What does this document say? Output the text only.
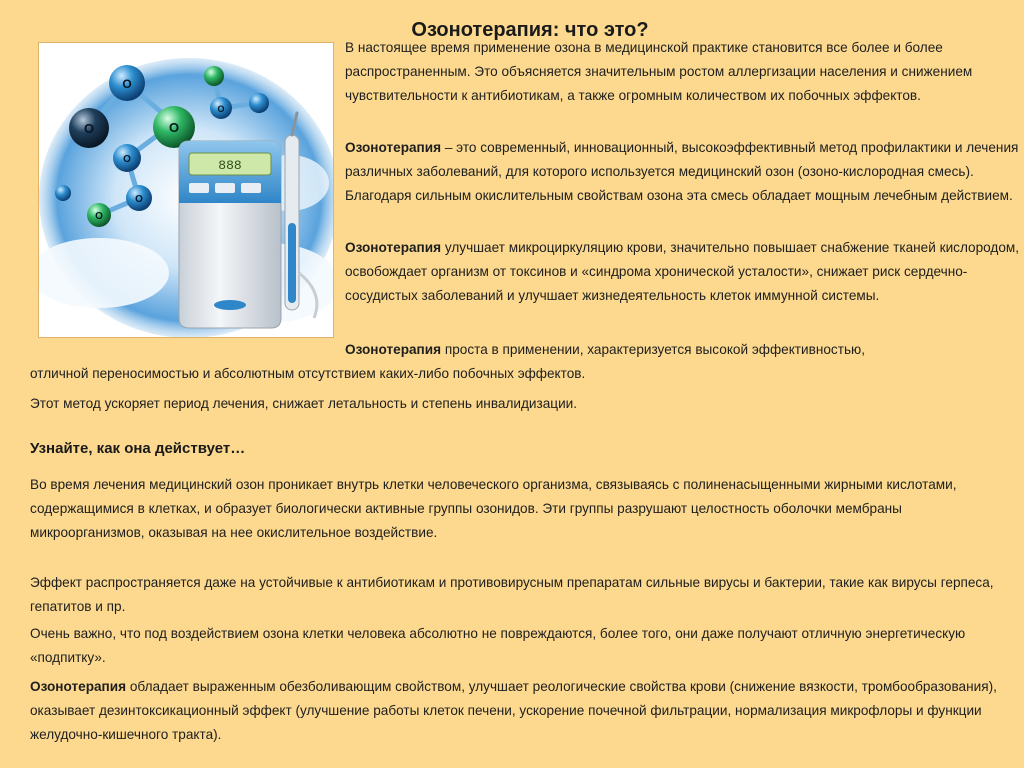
Озонотерапия: что это?
O
O
O
O
O
O
O
888

В настоящее время применение озона в медицинской практике становится все более и более распространенным. Это объясняется значительным ростом аллергизации населения и снижением чувствительности к антибиотикам, а также огромным количеством их побочных эффектов.

Озонотерапия – это современный, инновационный, высокоэффективный метод профилактики и лечения различных заболеваний, для которого используется медицинский озон (озоно-кислородная смесь). Благодаря сильным окислительным свойствам озона эта смесь обладает мощным лечебным действием.

Озонотерапия улучшает микроциркуляцию крови, значительно повышает снабжение тканей кислородом, освобождает организм от токсинов и «синдрома хронической усталости», снижает риск сердечно-сосудистых заболеваний и улучшает жизнедеятельность клеток иммунной системы.

Озонотерапия проста в применении, характеризуется высокой эффективностью,

отличной переносимостью и абсолютным отсутствием каких-либо побочных эффектов.

Этот метод ускоряет период лечения, снижает летальность и степень инвалидизации.

Узнайте, как она действует…

Во время лечения медицинский озон проникает внутрь клетки человеческого организма, связываясь с полиненасыщенными жирными кислотами, содержащимися в клетках, и образует биологически активные группы озонидов. Эти группы разрушают целостность оболочки мембраны микроорганизмов, оказывая на нее окислительное воздействие.

Эффект распространяется даже на устойчивые к антибиотикам и противовирусным препаратам сильные вирусы и бактерии, такие как вирусы герпеса, гепатитов и пр.

Очень важно, что под воздействием озона клетки человека абсолютно не повреждаются, более того, они даже получают отличную энергетическую «подпитку».

Озонотерапия обладает выраженным обезболивающим свойством, улучшает реологические свойства крови (снижение вязкости, тромбообразования), оказывает дезинтоксикационный эффект (улучшение работы клеток печени, ускорение почечной фильтрации, нормализация микрофлоры и функции желудочно-кишечного тракта).
